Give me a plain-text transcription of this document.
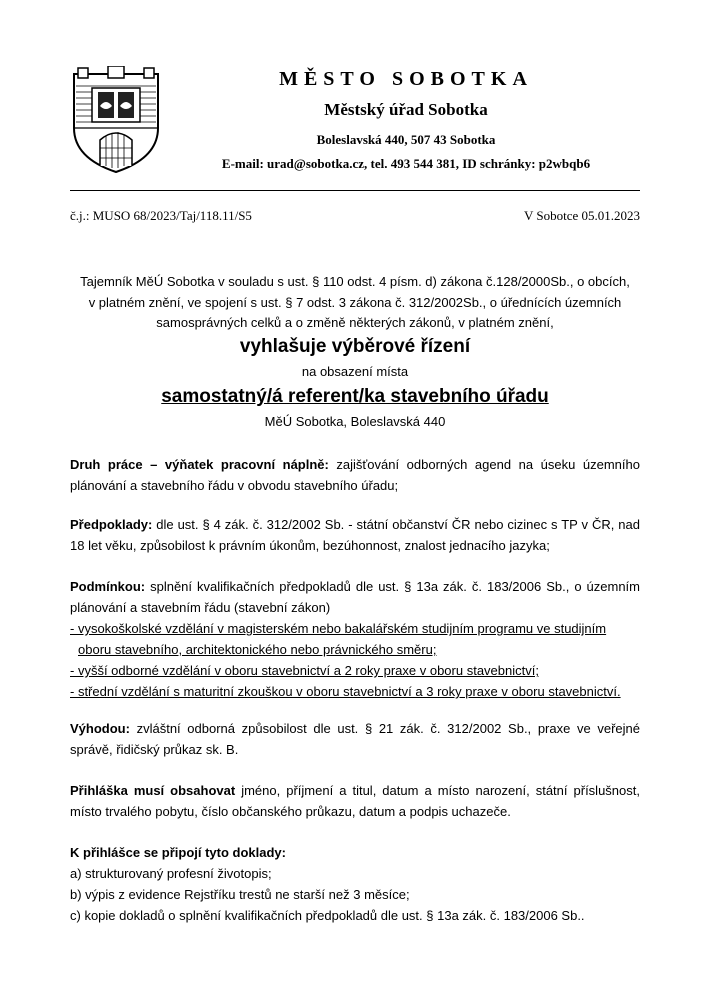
MĚSTO SOBOTKA
Městský úřad Sobotka
Boleslavská 440, 507 43 Sobotka
E-mail: urad@sobotka.cz, tel. 493 544 381, ID schránky: p2wbqb6
č.j.: MUSO 68/2023/Taj/118.11/S5	V Sobotce 05.01.2023
Tajemník MěÚ Sobotka v souladu s ust. § 110 odst. 4 písm. d) zákona č.128/2000Sb., o obcích,
v platném znění, ve spojení s ust. § 7 odst. 3 zákona č. 312/2002Sb., o úřednících územních
samosprávných celků a o změně některých zákonů, v platném znění,
vyhlašuje výběrové řízení
na obsazení místa
samostatný/á referent/ka stavebního úřadu
MěÚ Sobotka, Boleslavská 440
Druh práce – výňatek pracovní náplně: zajišťování odborných agend na úseku územního plánování a stavebního řádu v obvodu stavebního úřadu;
Předpoklady: dle ust. § 4 zák. č. 312/2002 Sb. - státní občanství ČR nebo cizinec s TP v ČR, nad 18 let věku, způsobilost k právním úkonům, bezúhonnost, znalost jednacího jazyka;
Podmínkou: splnění kvalifikačních předpokladů dle ust. § 13a zák. č. 183/2006 Sb., o územním plánování a stavebním řádu (stavební zákon)
- vysokoškolské vzdělání v magisterském nebo bakalářském studijním programu ve studijním
oboru stavebního, architektonického nebo právnického směru;
- vyšší odborné vzdělání v oboru stavebnictví a 2 roky praxe v oboru stavebnictví;
- střední vzdělání s maturitní zkouškou v oboru stavebnictví a 3 roky praxe v oboru stavebnictví.
Výhodou: zvláštní odborná způsobilost dle ust. § 21 zák. č. 312/2002 Sb., praxe ve veřejné správě, řidičský průkaz sk. B.
Přihláška musí obsahovat jméno, příjmení a titul, datum a místo narození, státní příslušnost, místo trvalého pobytu, číslo občanského průkazu, datum a podpis uchazeče.
K přihlášce se připojí tyto doklady:
a) strukturovaný profesní životopis;
b) výpis z evidence Rejstříku trestů ne starší než 3 měsíce;
c) kopie dokladů o splnění kvalifikačních předpokladů dle ust. § 13a zák. č. 183/2006 Sb..
